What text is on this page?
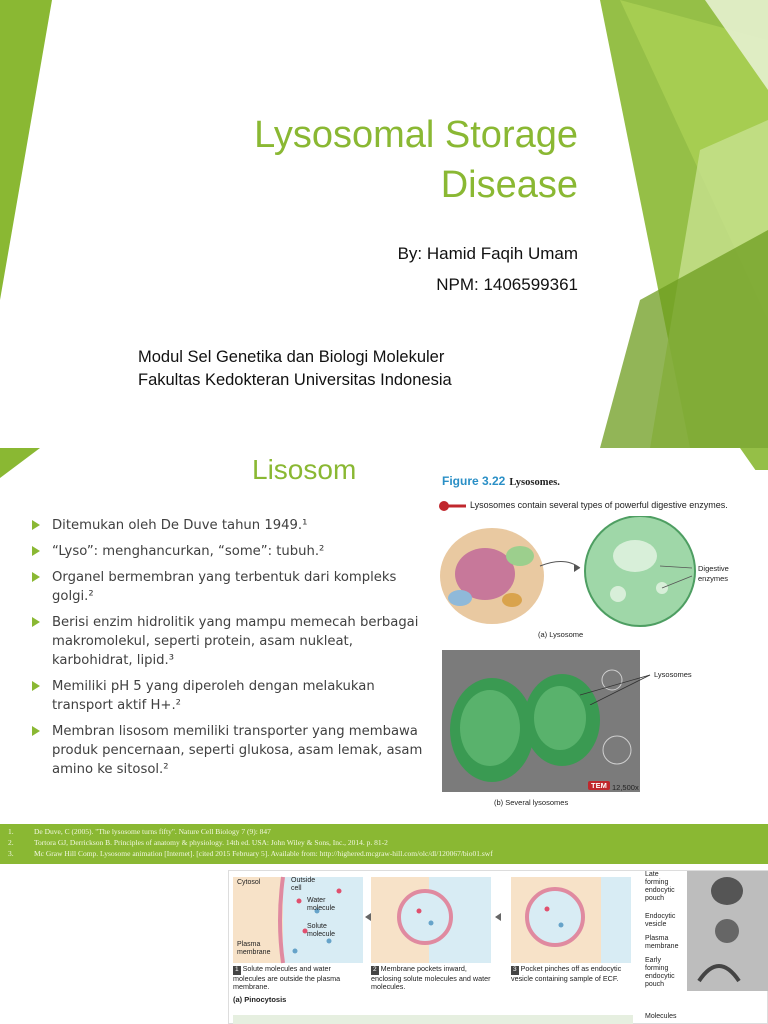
Lysosomal Storage
Disease
By: Hamid Faqih Umam
NPM: 1406599361
Modul Sel Genetika dan Biologi Molekuler
Fakultas Kedokteran Universitas Indonesia
Lisosom
Ditemukan oleh De Duve tahun 1949.¹
“Lyso”: menghancurkan, “some”: tubuh.²
Organel bermembran yang terbentuk dari kompleks golgi.²
Berisi enzim hidrolitik yang mampu memecah berbagai makromolekul, seperti protein, asam nukleat, karbohidrat, lipid.³
Memiliki pH 5 yang diperoleh dengan melakukan transport aktif H+.²
Membran lisosom memiliki transporter yang membawa produk pencernaan, seperti glukosa, asam lemak, asam amino ke sitosol.²
Figure 3.22 Lysosomes.
Lysosomes contain several types of powerful digestive enzymes.
Digestive
enzymes
(a) Lysosome
Lysosomes
TEM 12,500x
(b) Several lysosomes
1.	De Duve, C (2005). "The lysosome turns fifty". Nature Cell Biology 7 (9): 847
2.	Tortora GJ, Derrickson B. Principles of anatomy & physiology. 14th ed. USA: John Wiley & Sons, Inc., 2014. p. 81-2
3.	Mc Graw Hill Comp. Lysosome animation [Internet]. [cited 2015 February 5]. Available from: http://highered.mcgraw-hill.com/olc/dl/120067/bio01.swf
Cytosol	Outside
cell
Water
molecule
Solute
molecule
Plasma
membrane
1 Solute molecules and water molecules are outside the plasma membrane.
2 Membrane pockets inward, enclosing solute molecules and water molecules.
3 Pocket pinches off as endocytic vesicle containing sample of ECF.
(a) Pinocytosis
Late
forming
endocytic
pouch
Endocytic
vesicle
Plasma
membrane
Early
forming
endocytic
pouch
Molecules
